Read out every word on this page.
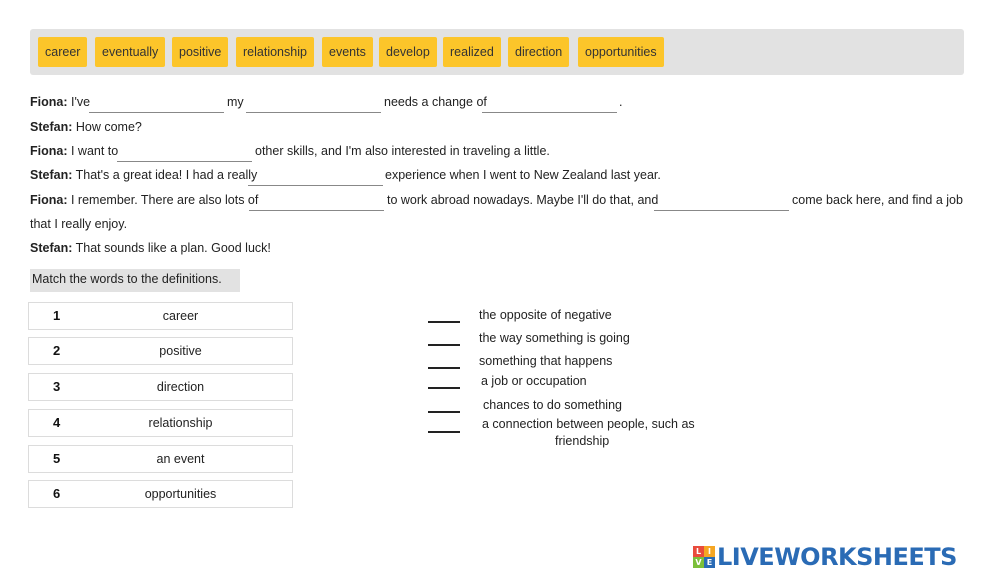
career	eventually	positive	relationship	events	develop	realized	direction	opportunities
Fiona: I've	my	needs a change of	.
Stefan: How come?
Fiona: I want to	other skills, and I'm also interested in traveling a little.
Stefan: That's a great idea! I had a really	experience when I went to New Zealand last year.
Fiona: I remember. There are also lots of	to work abroad nowadays. Maybe I'll do that, and	come back here, and find a job
that I really enjoy.
Stefan: That sounds like a plan. Good luck!
Match the words to the definitions.
1	career
2	positive
3	direction
4	relationship
5	an event
6	opportunities
the opposite of negative
the way something is going
something that happens
a job or occupation
chances to do something
a connection between people, such as
friendship
L I
V E LIVEWORKSHEETS
